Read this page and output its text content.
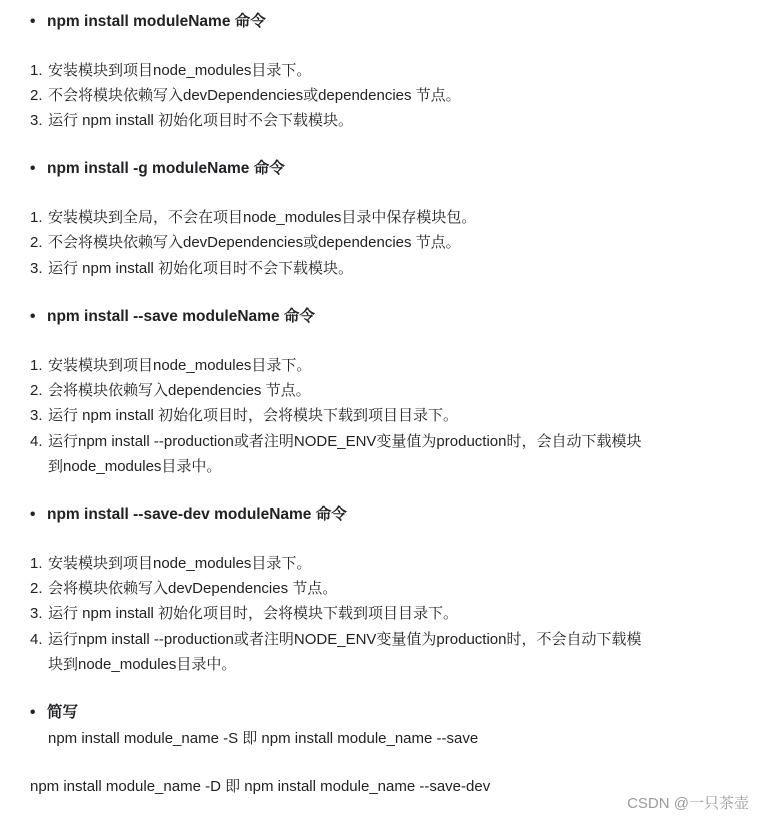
• npm install moduleName 命令
1. 安装模块到项目node_modules目录下。
2. 不会将模块依赖写入devDependencies或dependencies 节点。
3. 运行 npm install 初始化项目时不会下载模块。
• npm install -g moduleName 命令
1. 安装模块到全局，不会在项目node_modules目录中保存模块包。
2. 不会将模块依赖写入devDependencies或dependencies 节点。
3. 运行 npm install 初始化项目时不会下载模块。
• npm install --save moduleName 命令
1. 安装模块到项目node_modules目录下。
2. 会将模块依赖写入dependencies 节点。
3. 运行 npm install 初始化项目时，会将模块下载到项目目录下。
4. 运行npm install --production或者注明NODE_ENV变量值为production时，会自动下载模块
到node_modules目录中。
• npm install --save-dev moduleName 命令
1. 安装模块到项目node_modules目录下。
2. 会将模块依赖写入devDependencies 节点。
3. 运行 npm install 初始化项目时，会将模块下载到项目目录下。
4. 运行npm install --production或者注明NODE_ENV变量值为production时，不会自动下载模
块到node_modules目录中。
• 简写
npm install module_name -S 即 npm install module_name --save
npm install module_name -D 即 npm install module_name --save-dev
CSDN @一只茶壶
